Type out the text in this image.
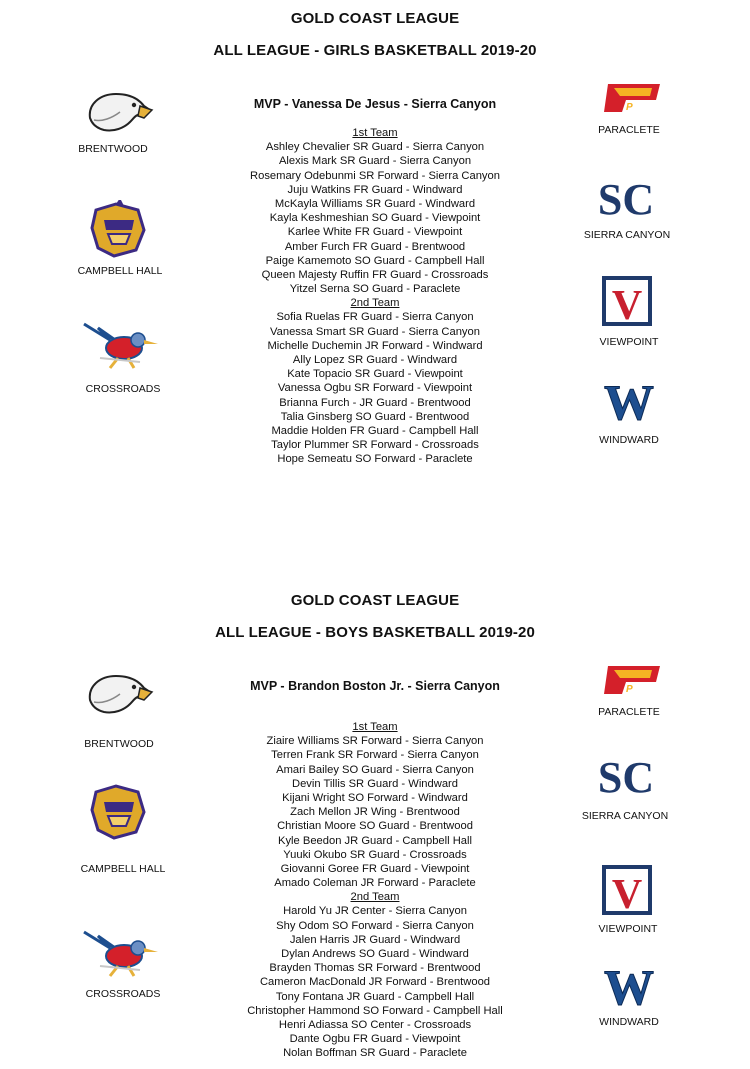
GOLD COAST LEAGUE
ALL LEAGUE - GIRLS BASKETBALL 2019-20
MVP - Vanessa De Jesus - Sierra Canyon
1st Team
Ashley Chevalier SR Guard - Sierra Canyon
Alexis Mark SR Guard - Sierra Canyon
Rosemary Odebunmi SR Forward - Sierra Canyon
Juju Watkins FR Guard - Windward
McKayla Williams SR Guard - Windward
Kayla Keshmeshian SO Guard - Viewpoint
Karlee White FR Guard - Viewpoint
Amber Furch FR Guard - Brentwood
Paige Kamemoto SO Guard - Campbell Hall
Queen Majesty Ruffin FR Guard - Crossroads
Yitzel Serna SO Guard - Paraclete
2nd Team
Sofia Ruelas FR Guard - Sierra Canyon
Vanessa Smart SR Guard - Sierra Canyon
Michelle Duchemin JR Forward - Windward
Ally Lopez SR Guard - Windward
Kate Topacio SR Guard - Viewpoint
Vanessa Ogbu SR Forward - Viewpoint
Brianna Furch - JR Guard - Brentwood
Talia Ginsberg SO Guard - Brentwood
Maddie Holden FR Guard - Campbell Hall
Taylor Plummer SR Forward - Crossroads
Hope Semeatu SO Forward - Paraclete
BRENTWOOD
CAMPBELL HALL
CROSSROADS
P
PARACLETE
SC
SIERRA CANYON
V
VIEWPOINT
W
WINDWARD
GOLD COAST LEAGUE
ALL LEAGUE - BOYS BASKETBALL 2019-20
MVP - Brandon Boston Jr. - Sierra Canyon
1st Team
Ziaire Williams SR Forward - Sierra Canyon
Terren Frank SR Forward - Sierra Canyon
Amari Bailey SO Guard - Sierra Canyon
Devin Tillis SR Guard - Windward
Kijani Wright SO Forward - Windward
Zach Mellon JR Wing - Brentwood
Christian Moore SO Guard - Brentwood
Kyle Beedon JR Guard - Campbell Hall
Yuuki Okubo SR Guard - Crossroads
Giovanni Goree FR Guard - Viewpoint
Amado Coleman JR Forward - Paraclete
2nd Team
Harold Yu JR Center - Sierra Canyon
Shy Odom SO Forward - Sierra Canyon
Jalen Harris JR Guard - Windward
Dylan Andrews SO Guard - Windward
Brayden Thomas SR Forward - Brentwood
Cameron MacDonald JR Forward - Brentwood
Tony Fontana JR Guard - Campbell Hall
Christopher Hammond SO Forward - Campbell Hall
Henri Adiassa SO Center - Crossroads
Dante Ogbu FR Guard - Viewpoint
Nolan Boffman SR Guard - Paraclete
BRENTWOOD
CAMPBELL HALL
CROSSROADS
P
PARACLETE
SC
SIERRA CANYON
V
VIEWPOINT
W
WINDWARD
